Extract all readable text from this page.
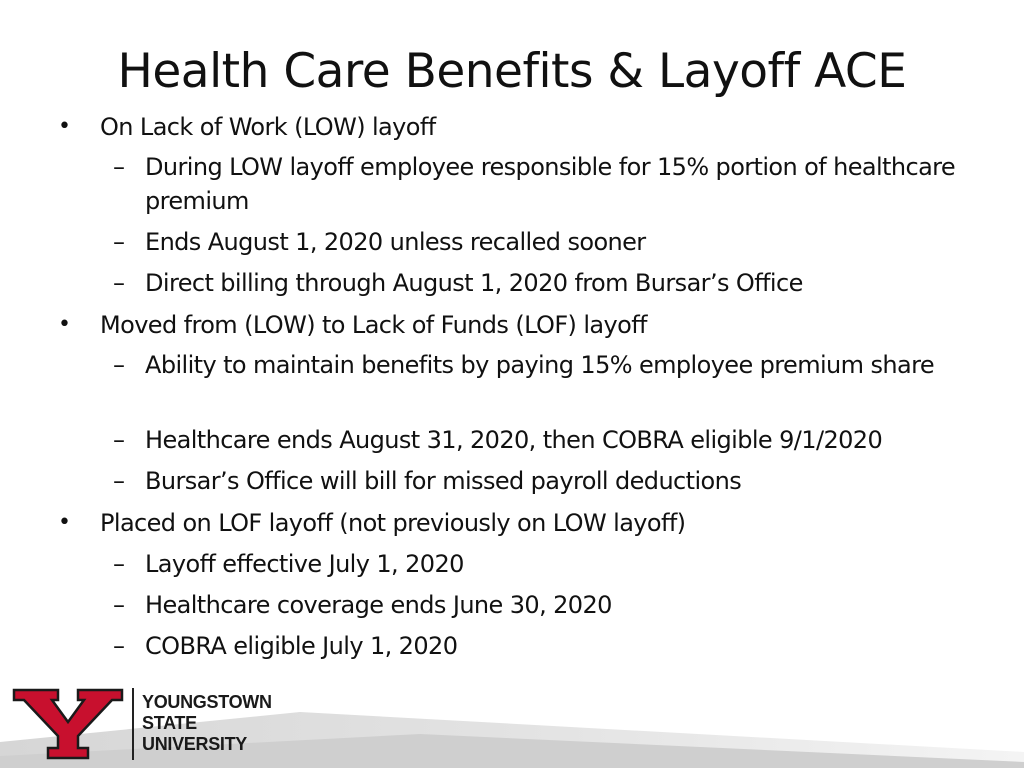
Health Care Benefits & Layoff ACE
• On Lack of Work (LOW) layoff
– During LOW layoff employee responsible for 15% portion of healthcare premium
– Ends August 1, 2020 unless recalled sooner
– Direct billing through August 1, 2020 from Bursar’s Office
• Moved from (LOW) to Lack of Funds (LOF) layoff
– Ability to maintain benefits by paying 15% employee premium share
– Healthcare ends August 31, 2020, then COBRA eligible 9/1/2020
– Bursar’s Office will bill for missed payroll deductions
• Placed on LOF layoff (not previously on LOW layoff)
– Layoff effective July 1, 2020
– Healthcare coverage ends June 30, 2020
– COBRA eligible July 1, 2020
YOUNGSTOWN
STATE
UNIVERSITY
